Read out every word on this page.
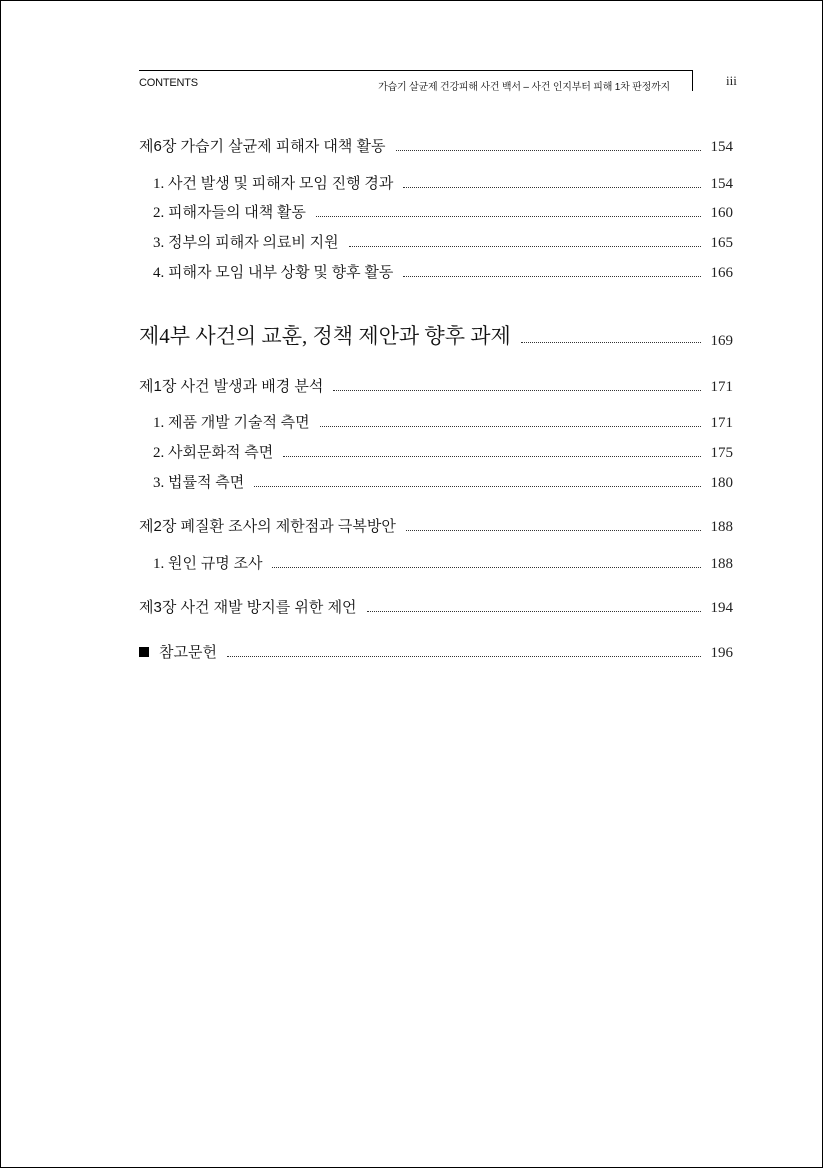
CONTENTS	가습기 살균제 건강피해 사건 백서 – 사건 인지부터 피해 1차 판정까지	iii
제6장 가습기 살균제 피해자 대책 활동	154
1. 사건 발생 및 피해자 모임 진행 경과	154
2. 피해자들의 대책 활동	160
3. 정부의 피해자 의료비 지원	165
4. 피해자 모임 내부 상황 및 향후 활동	166
제4부 사건의 교훈, 정책 제안과 향후 과제	169
제1장 사건 발생과 배경 분석	171
1. 제품 개발 기술적 측면	171
2. 사회문화적 측면	175
3. 법률적 측면	180
제2장 폐질환 조사의 제한점과 극복방안	188
1. 원인 규명 조사	188
제3장 사건 재발 방지를 위한 제언	194
참고문헌	196
